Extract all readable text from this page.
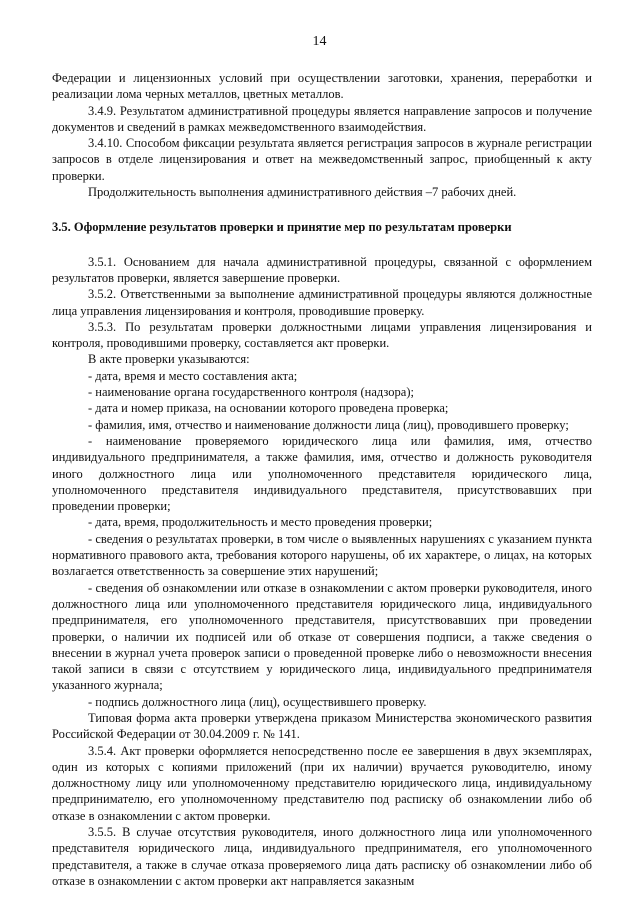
14

Федерации и лицензионных условий при осуществлении заготовки, хранения, переработки и реализации лома черных металлов, цветных металлов.

3.4.9. Результатом административной процедуры является направление запросов и получение документов и сведений в рамках межведомственного взаимодействия.

3.4.10. Способом фиксации результата является регистрация запросов в журнале регистрации запросов в отделе лицензирования и ответ на межведомственный запрос, приобщенный к акту проверки.

Продолжительность выполнения административного действия –7 рабочих дней.

3.5. Оформление результатов проверки и принятие мер по результатам проверки

3.5.1. Основанием для начала административной процедуры, связанной с оформлением результатов проверки, является завершение проверки.

3.5.2. Ответственными за выполнение административной процедуры являются должностные лица управления лицензирования и контроля, проводившие проверку.

3.5.3. По результатам проверки должностными лицами управления лицензирования и контроля, проводившими проверку, составляется акт проверки.

В акте проверки указываются:

- дата, время и место составления акта;

- наименование органа государственного контроля (надзора);

- дата и номер приказа, на основании которого проведена проверка;

- фамилия, имя, отчество и наименование должности лица (лиц), проводившего проверку;

- наименование проверяемого юридического лица или фамилия, имя, отчество индивидуального предпринимателя, а также фамилия, имя, отчество и должность руководителя иного должностного лица или уполномоченного представителя юридического лица, уполномоченного представителя индивидуального представителя, присутствовавших при проведении проверки;

- дата, время, продолжительность и место проведения проверки;

- сведения о результатах проверки, в том числе о выявленных нарушениях с указанием пункта нормативного правового акта, требования которого нарушены, об их характере, о лицах, на которых возлагается ответственность за совершение этих нарушений;

- сведения об ознакомлении или отказе в ознакомлении с актом проверки руководителя, иного должностного лица или уполномоченного представителя юридического лица, индивидуального предпринимателя, его уполномоченного представителя, присутствовавших при проведении проверки, о наличии их подписей или об отказе от совершения подписи, а также сведения о внесении в журнал учета проверок записи о проведенной проверке либо о невозможности внесения такой записи в связи с отсутствием у юридического лица, индивидуального предпринимателя указанного журнала;

- подпись должностного лица (лиц), осуществившего проверку.

Типовая форма акта проверки утверждена приказом Министерства экономического развития Российской Федерации от 30.04.2009 г. № 141.

3.5.4. Акт проверки оформляется непосредственно после ее завершения в двух экземплярах, один из которых с копиями приложений (при их наличии) вручается руководителю, иному должностному лицу или уполномоченному представителю юридического лица, индивидуальному предпринимателю, его уполномоченному представителю под расписку об ознакомлении либо об отказе в ознакомлении с актом проверки.

3.5.5. В случае отсутствия руководителя, иного должностного лица или уполномоченного представителя юридического лица, индивидуального предпринимателя, его уполномоченного представителя, а также в случае отказа проверяемого лица дать расписку об ознакомлении либо об отказе в ознакомлении с актом проверки акт направляется заказным
